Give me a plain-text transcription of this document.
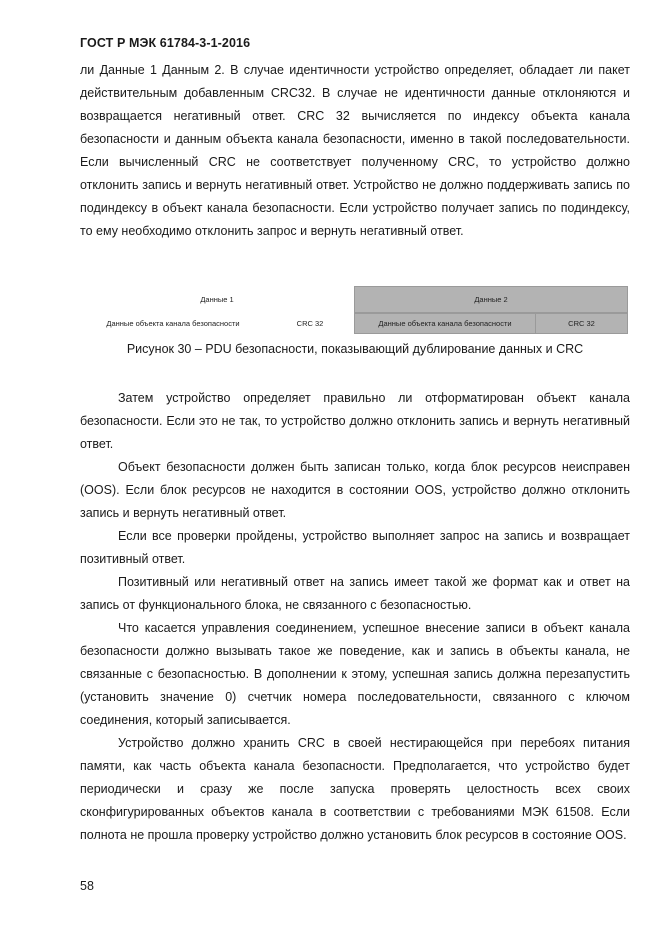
ГОСТ Р МЭК 61784-3-1-2016

ли Данные 1 Данным 2. В случае идентичности устройство определяет, обладает ли пакет действительным добавленным CRC32. В случае не идентичности данные отклоняются и возвращается негативный ответ. CRC 32 вычисляется по индексу объекта канала безопасности и данным объекта канала безопасности, именно в такой последовательности. Если вычисленный CRC не соответствует полученному CRC, то устройство должно отклонить запись и вернуть негативный ответ. Устройство не должно поддерживать запись по подиндексу в объект канала безопасности. Если устройство получает запись по подиндексу, то ему необходимо отклонить запрос и вернуть негативный ответ.

Данные 1	Данные 2
Данные объекта канала безопасности	CRC 32	Данные объекта канала безопасности	CRC 32
Рисунок 30 – PDU безопасности, показывающий дублирование данных и CRC

Затем устройство определяет правильно ли отформатирован объект канала безопасности. Если это не так, то устройство должно отклонить запись и вернуть негативный ответ.

Объект безопасности должен быть записан только, когда блок ресурсов неисправен (OOS). Если блок ресурсов не находится в состоянии OOS, устройство должно отклонить запись и вернуть негативный ответ.

Если все проверки пройдены, устройство выполняет запрос на запись и возвращает позитивный ответ.

Позитивный или негативный ответ на запись имеет такой же формат как и ответ на запись от функционального блока, не связанного с безопасностью.

Что касается управления соединением, успешное внесение записи в объект канала безопасности должно вызывать такое же поведение, как и запись в объекты канала, не связанные с безопасностью. В дополнении к этому, успешная запись должна перезапустить (установить значение 0) счетчик номера последовательности, связанного с ключом соединения, который записывается.

Устройство должно хранить CRC в своей нестирающейся при перебоях питания памяти, как часть объекта канала безопасности. Предполагается, что устройство будет периодически и сразу же после запуска проверять целостность всех своих сконфигурированных объектов канала в соответствии с требованиями МЭК 61508. Если полнота не прошла проверку устройство должно установить блок ресурсов в состояние OOS.

58
